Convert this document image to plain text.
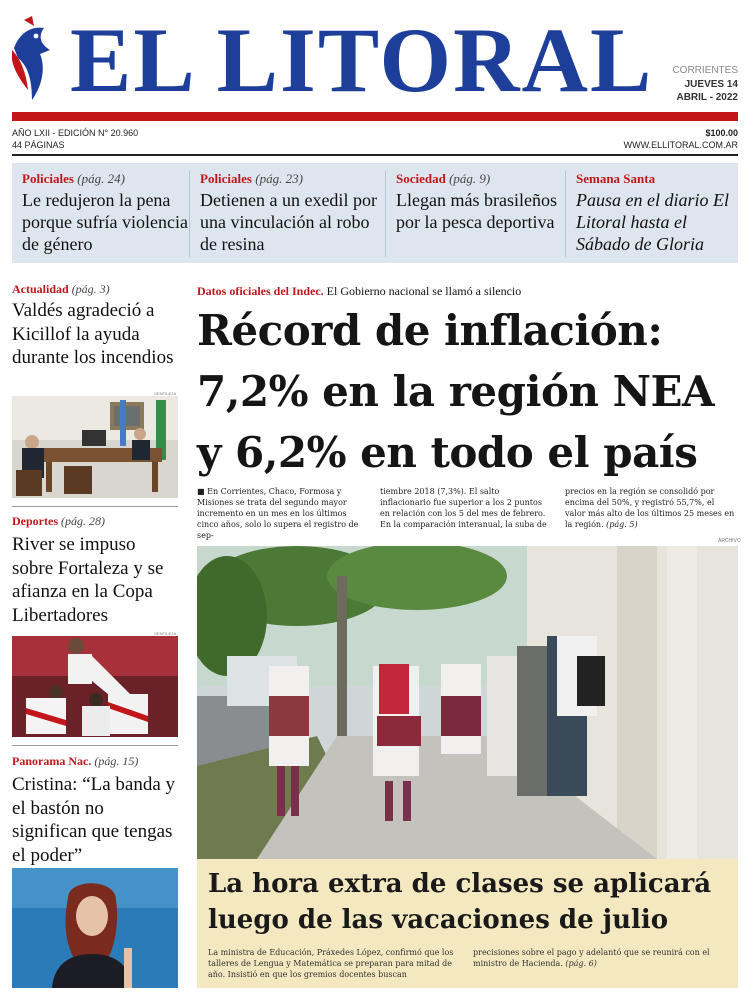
EL LITORAL CORRIENTES
JUEVES 14
ABRIL - 2022
AÑO LXII - EDICIÓN N° 20.960
44 PÁGINAS
$100.00
WWW.ELLITORAL.COM.AR
Policiales (pág. 24)
Le redujeron la pena porque sufría violencia de género
Policiales (pág. 23)
Detienen a un exedil por una vinculación al robo de resina
Sociedad (pág. 9)
Llegan más brasileños por la pesca deportiva
Semana Santa
Pausa en el diario El Litoral hasta el Sábado de Gloria
Actualidad (pág. 3)
Valdés agradeció a Kicillof la ayuda durante los incendios
GENTILEZA
Deportes (pág. 28)
River se impuso sobre Fortaleza y se afianza en la Copa Libertadores
GENTILEZA
Panorama Nac. (pág. 15)
Cristina: “La banda y el bastón no significan que tengas el poder”
Datos oficiales del Indec. El Gobierno nacional se llamó a silencio
Récord de inflación: 7,2% en la región NEA y 6,2% en todo el país
■ En Corrientes, Chaco, Formosa y Misiones se trata del segundo mayor incremento en un mes en los últimos cinco años, solo lo supera el registro de sep-
tiembre 2018 (7,3%). El salto inflacionario fue superior a los 2 puntos en relación con los 5 del mes de febrero. En la comparación interanual, la suba de
precios en la región se consolidó por encima del 50%, y registró 55,7%, el valor más alto de los últimos 25 meses en la región. (pág. 5)
ARCHIVO
La hora extra de clases se aplicará luego de las vacaciones de julio
La ministra de Educación, Práxedes López, confirmó que los talleres de Lengua y Matemática se preparan para mitad de año. Insistió en que los gremios docentes buscan
precisiones sobre el pago y adelantó que se reunirá con el ministro de Hacienda. (pág. 6)
